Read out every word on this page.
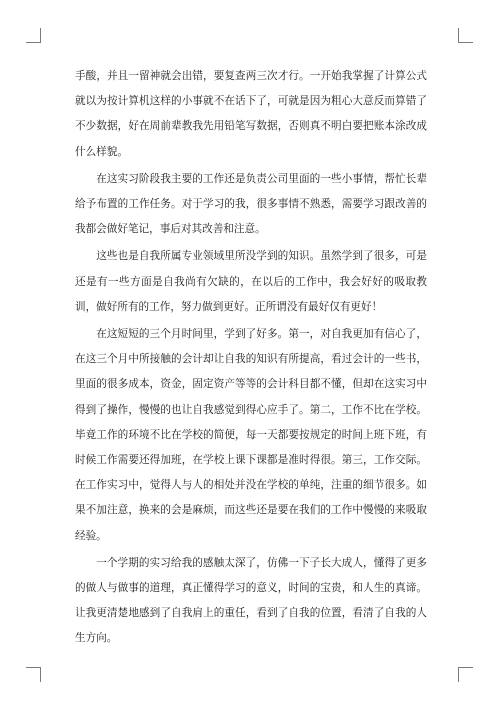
手酸，并且一留神就会出错，要复查两三次才行。一开始我掌握了计算公式就以为按计算机这样的小事就不在话下了，可就是因为粗心大意反而算错了不少数据，好在周前辈教我先用铅笔写数据，否则真不明白要把账本涂改成什么样貌。

在这实习阶段我主要的工作还是负责公司里面的一些小事情，帮忙长辈给予布置的工作任务。对于学习的我，很多事情不熟悉，需要学习跟改善的我都会做好笔记，事后对其改善和注意。

这些也是自我所属专业领域里所没学到的知识。虽然学到了很多，可是还是有一些方面是自我尚有欠缺的，在以后的工作中，我会好好的吸取教训，做好所有的工作，努力做到更好。正所谓没有最好仅有更好！

在这短短的三个月时间里，学到了好多。第一，对自我更加有信心了，在这三个月中所接触的会计却让自我的知识有所提高，看过会计的一些书，里面的很多成本，资金，固定资产等等的会计科目都不懂，但却在这实习中得到了操作，慢慢的也让自我感觉到得心应手了。第二，工作不比在学校。毕竟工作的环境不比在学校的简便，每一天都要按规定的时间上班下班，有时候工作需要还得加班，在学校上课下课都是准时得很。第三，工作交际。在工作实习中，觉得人与人的相处并没在学校的单纯，注重的细节很多。如果不加注意，换来的会是麻烦，而这些还是要在我们的工作中慢慢的来吸取经验。

一个学期的实习给我的感触太深了，仿佛一下子长大成人，懂得了更多的做人与做事的道理，真正懂得学习的意义，时间的宝贵，和人生的真谛。让我更清楚地感到了自我肩上的重任，看到了自我的位置，看清了自我的人生方向。
